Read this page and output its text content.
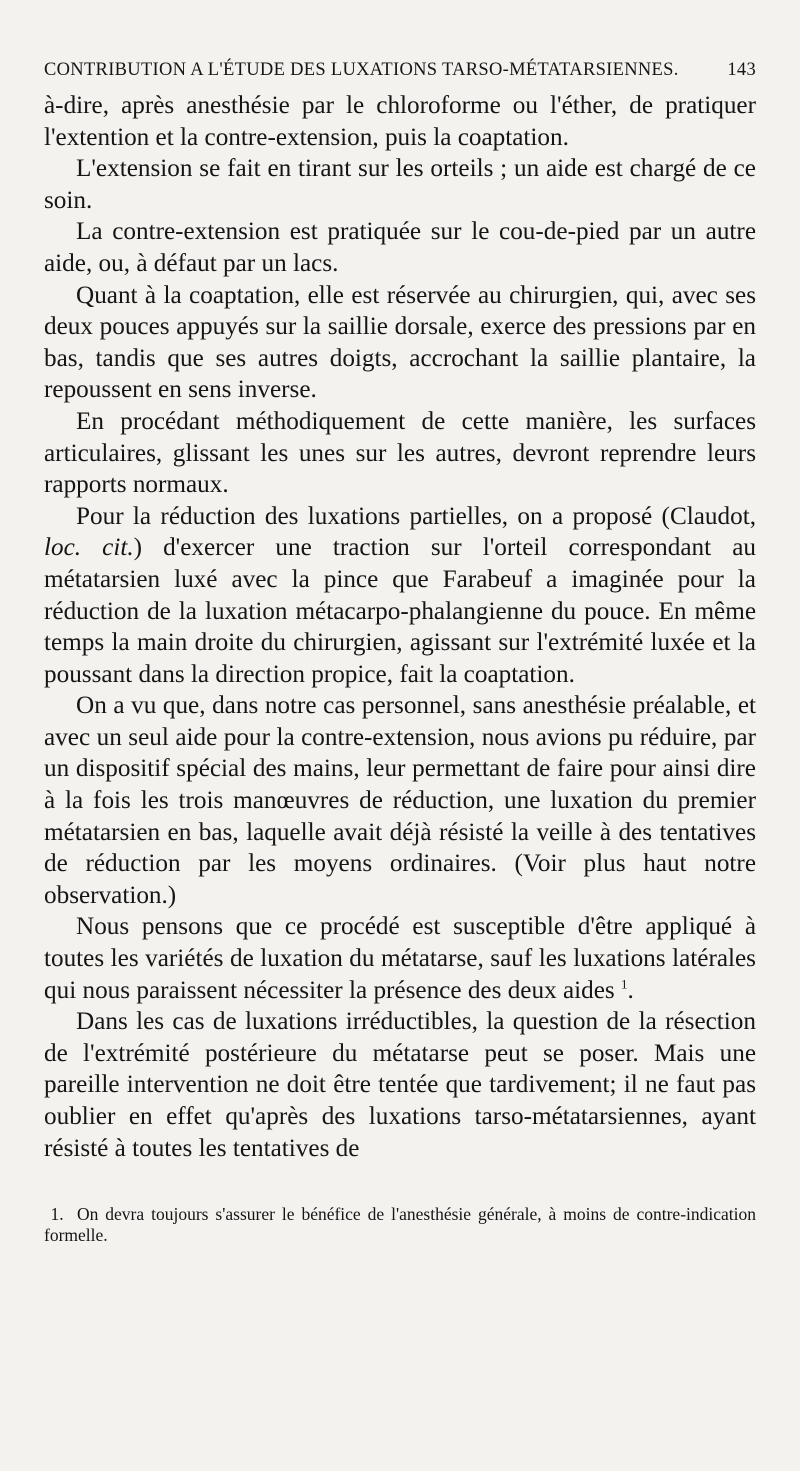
CONTRIBUTION A L'ÉTUDE DES LUXATIONS TARSO-MÉTATARSIENNES.	143

à-dire, après anesthésie par le chloroforme ou l'éther, de pratiquer l'extention et la contre-extension, puis la coaptation.

L'extension se fait en tirant sur les orteils ; un aide est chargé de ce soin.

La contre-extension est pratiquée sur le cou-de-pied par un autre aide, ou, à défaut par un lacs.

Quant à la coaptation, elle est réservée au chirurgien, qui, avec ses deux pouces appuyés sur la saillie dorsale, exerce des pressions par en bas, tandis que ses autres doigts, accrochant la saillie plantaire, la repoussent en sens inverse.

En procédant méthodiquement de cette manière, les surfaces articulaires, glissant les unes sur les autres, devront reprendre leurs rapports normaux.

Pour la réduction des luxations partielles, on a proposé (Claudot, loc. cit.) d'exercer une traction sur l'orteil correspondant au métatarsien luxé avec la pince que Farabeuf a imaginée pour la réduction de la luxation métacarpo-phalangienne du pouce. En même temps la main droite du chirurgien, agissant sur l'extrémité luxée et la poussant dans la direction propice, fait la coaptation.

On a vu que, dans notre cas personnel, sans anesthésie préalable, et avec un seul aide pour la contre-extension, nous avions pu réduire, par un dispositif spécial des mains, leur permettant de faire pour ainsi dire à la fois les trois manœuvres de réduction, une luxation du premier métatarsien en bas, laquelle avait déjà résisté la veille à des tentatives de réduction par les moyens ordinaires. (Voir plus haut notre observation.)

Nous pensons que ce procédé est susceptible d'être appliqué à toutes les variétés de luxation du métatarse, sauf les luxations latérales qui nous paraissent nécessiter la présence des deux aides $^1$.

Dans les cas de luxations irréductibles, la question de la résection de l'extrémité postérieure du métatarse peut se poser. Mais une pareille intervention ne doit être tentée que tardivement; il ne faut pas oublier en effet qu'après des luxations tarso-métatarsiennes, ayant résisté à toutes les tentatives de

1. On devra toujours s'assurer le bénéfice de l'anesthésie générale, à moins de contre-indication formelle.
